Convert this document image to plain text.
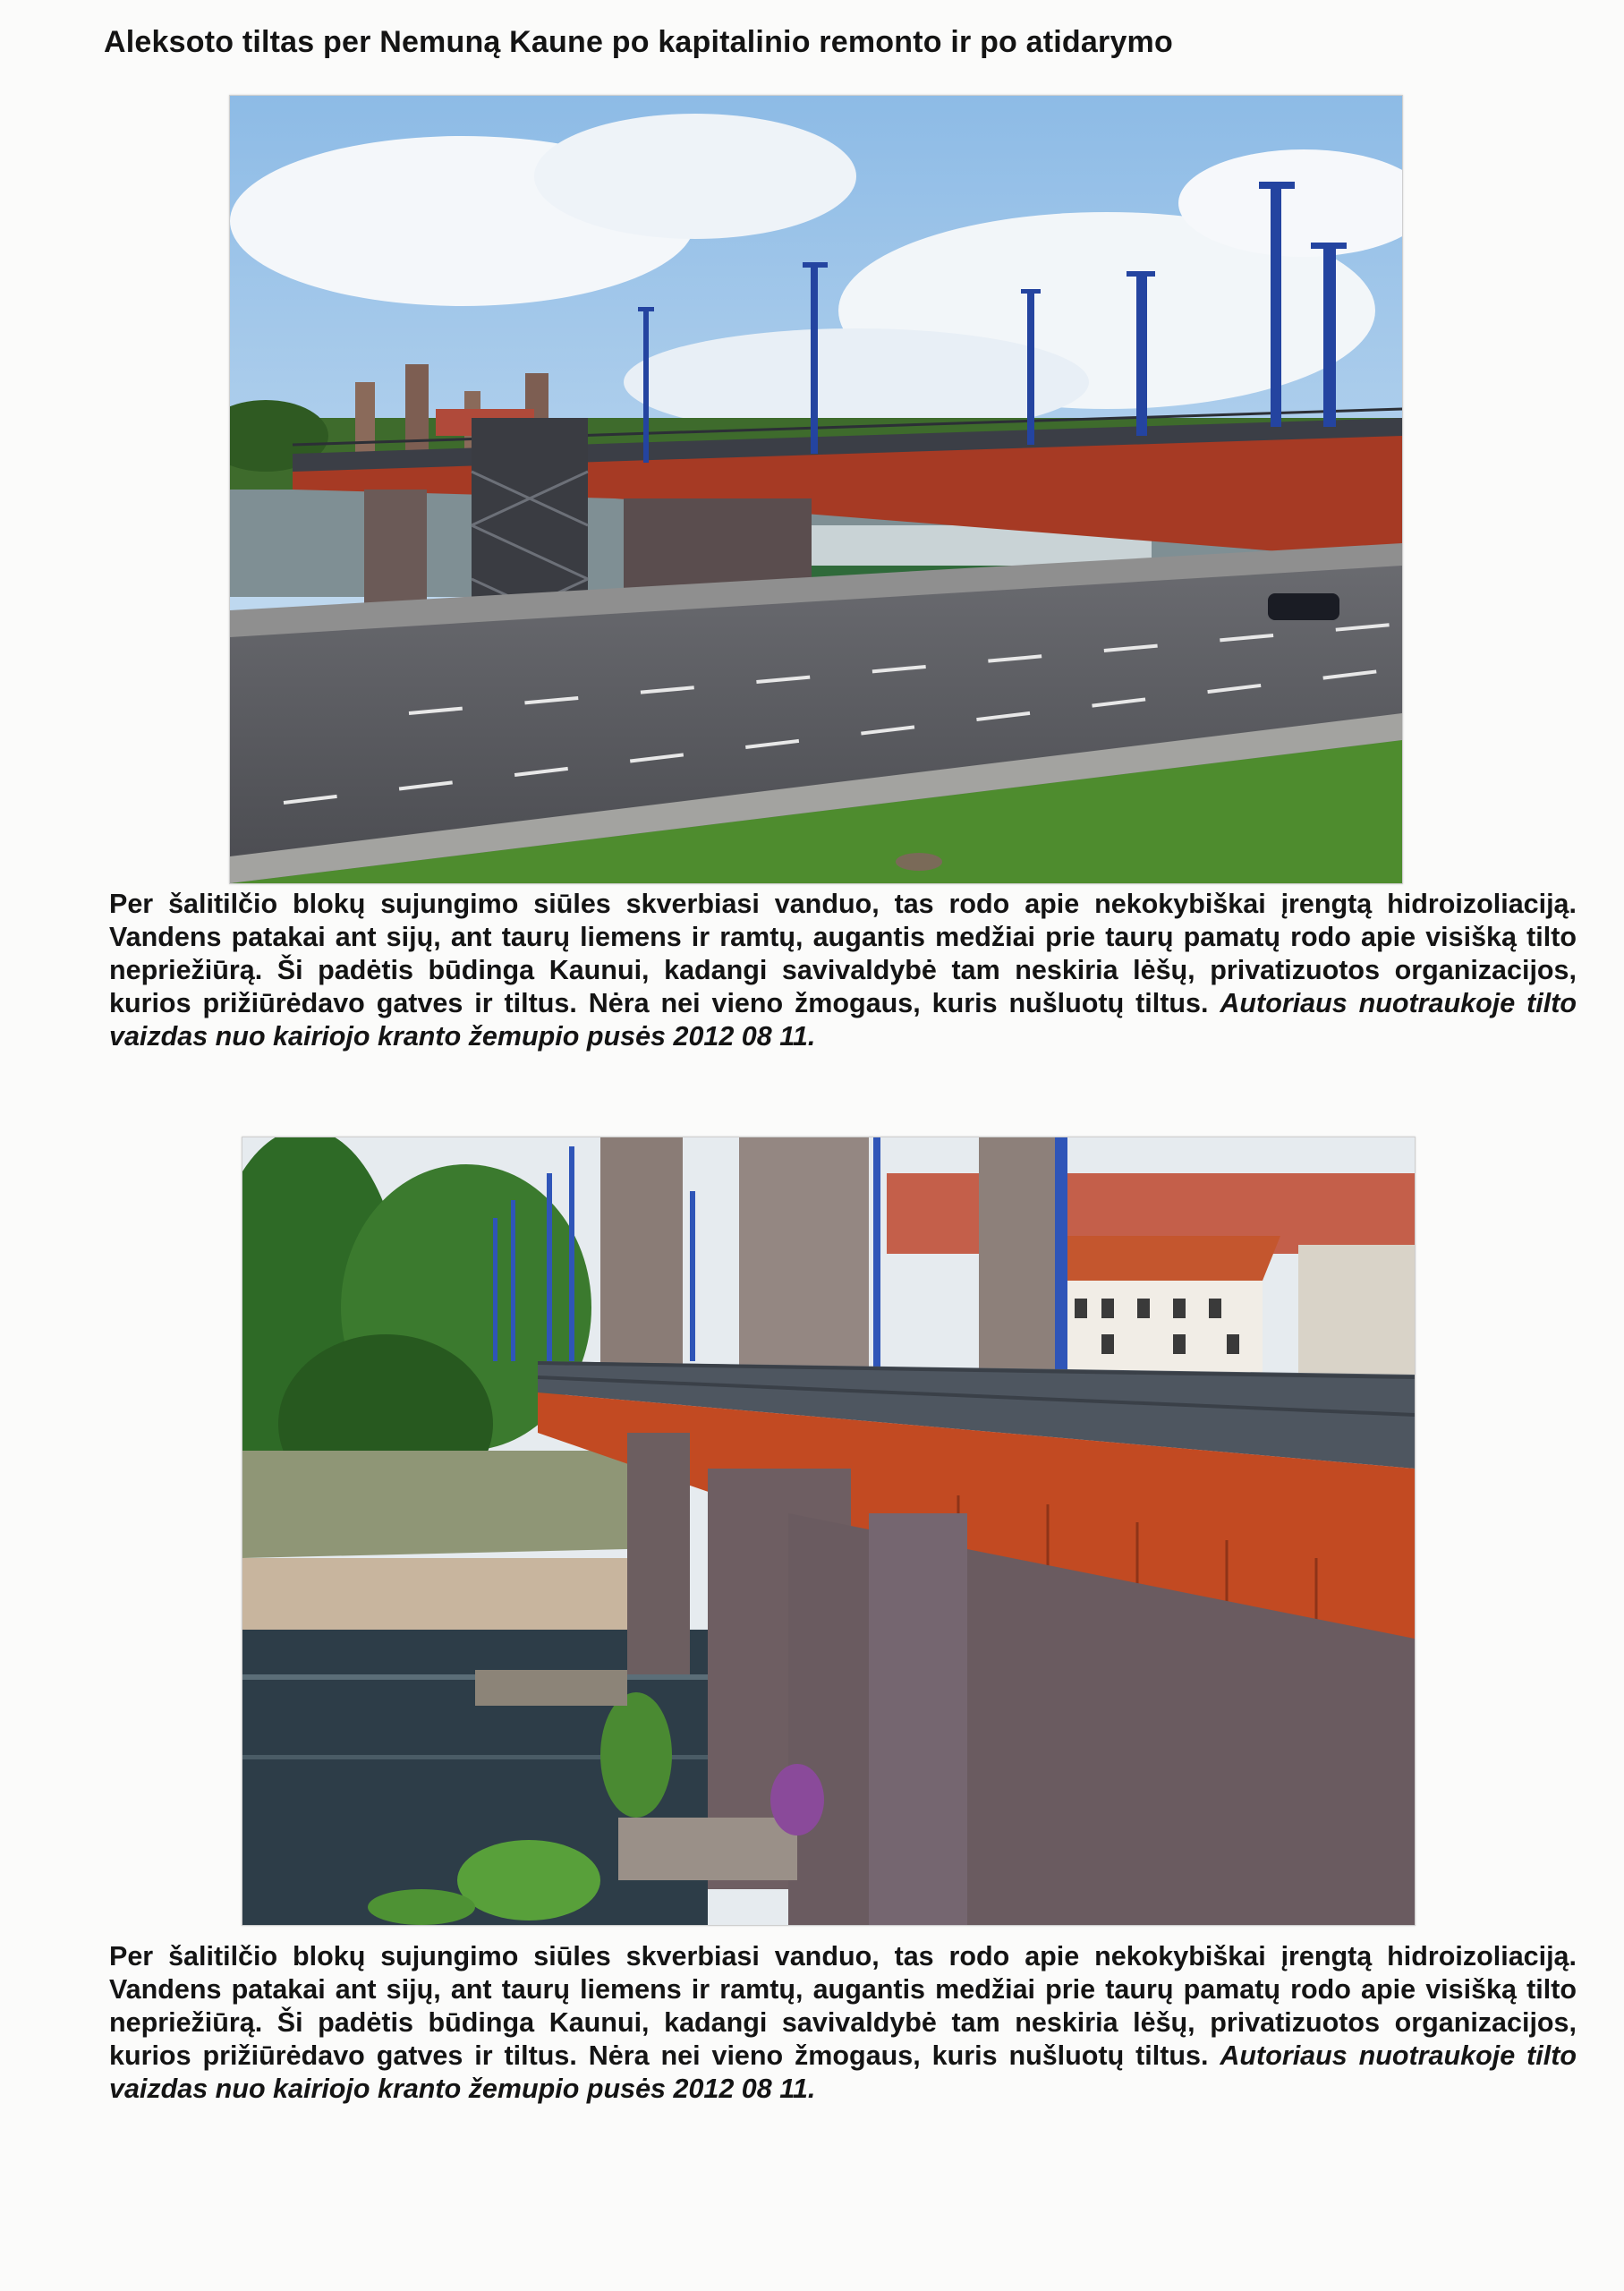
Aleksoto tiltas per Nemuną Kaune po kapitalinio remonto ir po atidarymo
Per šalitilčio blokų sujungimo siūles skverbiasi vanduo, tas rodo apie nekokybiškai įrengtą hidroizoliaciją. Vandens patakai ant sijų, ant taurų liemens ir ramtų, augantis medžiai prie taurų pamatų rodo apie visišką tilto nepriežiūrą. Ši padėtis būdinga Kaunui, kadangi savivaldybė tam neskiria lėšų, privatizuotos organizacijos, kurios prižiūrėdavo gatves ir tiltus. Nėra nei vieno žmogaus, kuris nušluotų tiltus. Autoriaus nuotraukoje tilto vaizdas nuo kairiojo kranto žemupio pusės 2012 08 11.
Per šalitilčio blokų sujungimo siūles skverbiasi vanduo, tas rodo apie nekokybiškai įrengtą hidroizoliaciją. Vandens patakai ant sijų, ant taurų liemens ir ramtų, augantis medžiai prie taurų pamatų rodo apie visišką tilto nepriežiūrą. Ši padėtis būdinga Kaunui, kadangi savivaldybė tam neskiria lėšų, privatizuotos organizacijos, kurios prižiūrėdavo gatves ir tiltus. Nėra nei vieno žmogaus, kuris nušluotų tiltus. Autoriaus nuotraukoje tilto vaizdas nuo kairiojo kranto žemupio pusės 2012 08 11.
